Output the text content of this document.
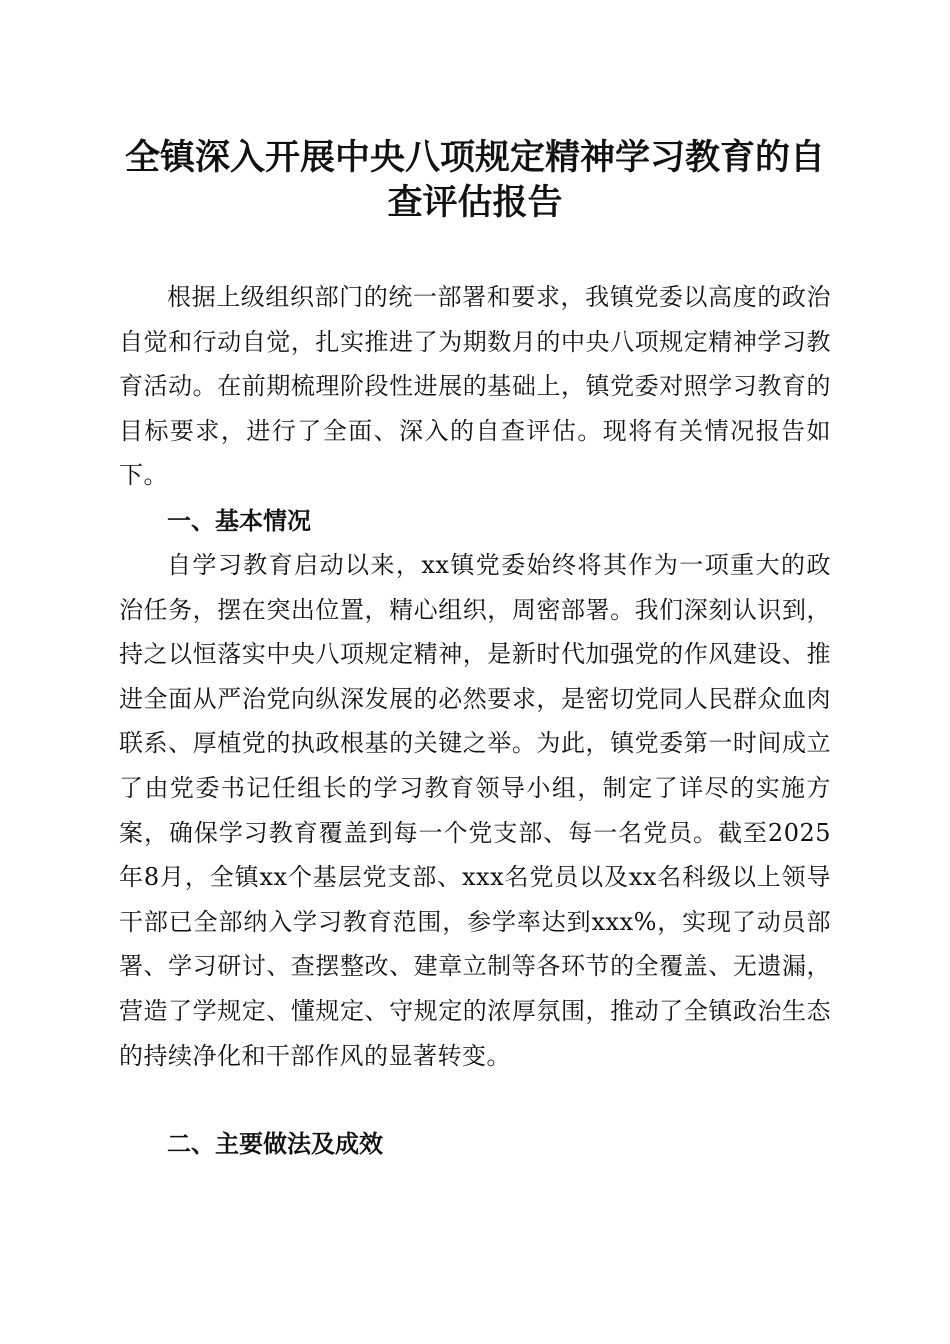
全镇深入开展中央八项规定精神学习教育的自
查评估报告

根据上级组织部门的统一部署和要求，我镇党委以高度的政治自觉和行动自觉，扎实推进了为期数月的中央八项规定精神学习教育活动。在前期梳理阶段性进展的基础上，镇党委对照学习教育的目标要求，进行了全面、深入的自查评估。现将有关情况报告如下。

一、基本情况

自学习教育启动以来，xx镇党委始终将其作为一项重大的政治任务，摆在突出位置，精心组织，周密部署。我们深刻认识到，持之以恒落实中央八项规定精神，是新时代加强党的作风建设、推进全面从严治党向纵深发展的必然要求，是密切党同人民群众血肉联系、厚植党的执政根基的关键之举。为此，镇党委第一时间成立了由党委书记任组长的学习教育领导小组，制定了详尽的实施方案，确保学习教育覆盖到每一个党支部、每一名党员。截至2025年8月，全镇xx个基层党支部、xxx名党员以及xx名科级以上领导干部已全部纳入学习教育范围，参学率达到xxx%，实现了动员部署、学习研讨、查摆整改、建章立制等各环节的全覆盖、无遗漏，营造了学规定、懂规定、守规定的浓厚氛围，推动了全镇政治生态的持续净化和干部作风的显著转变。

二、主要做法及成效
